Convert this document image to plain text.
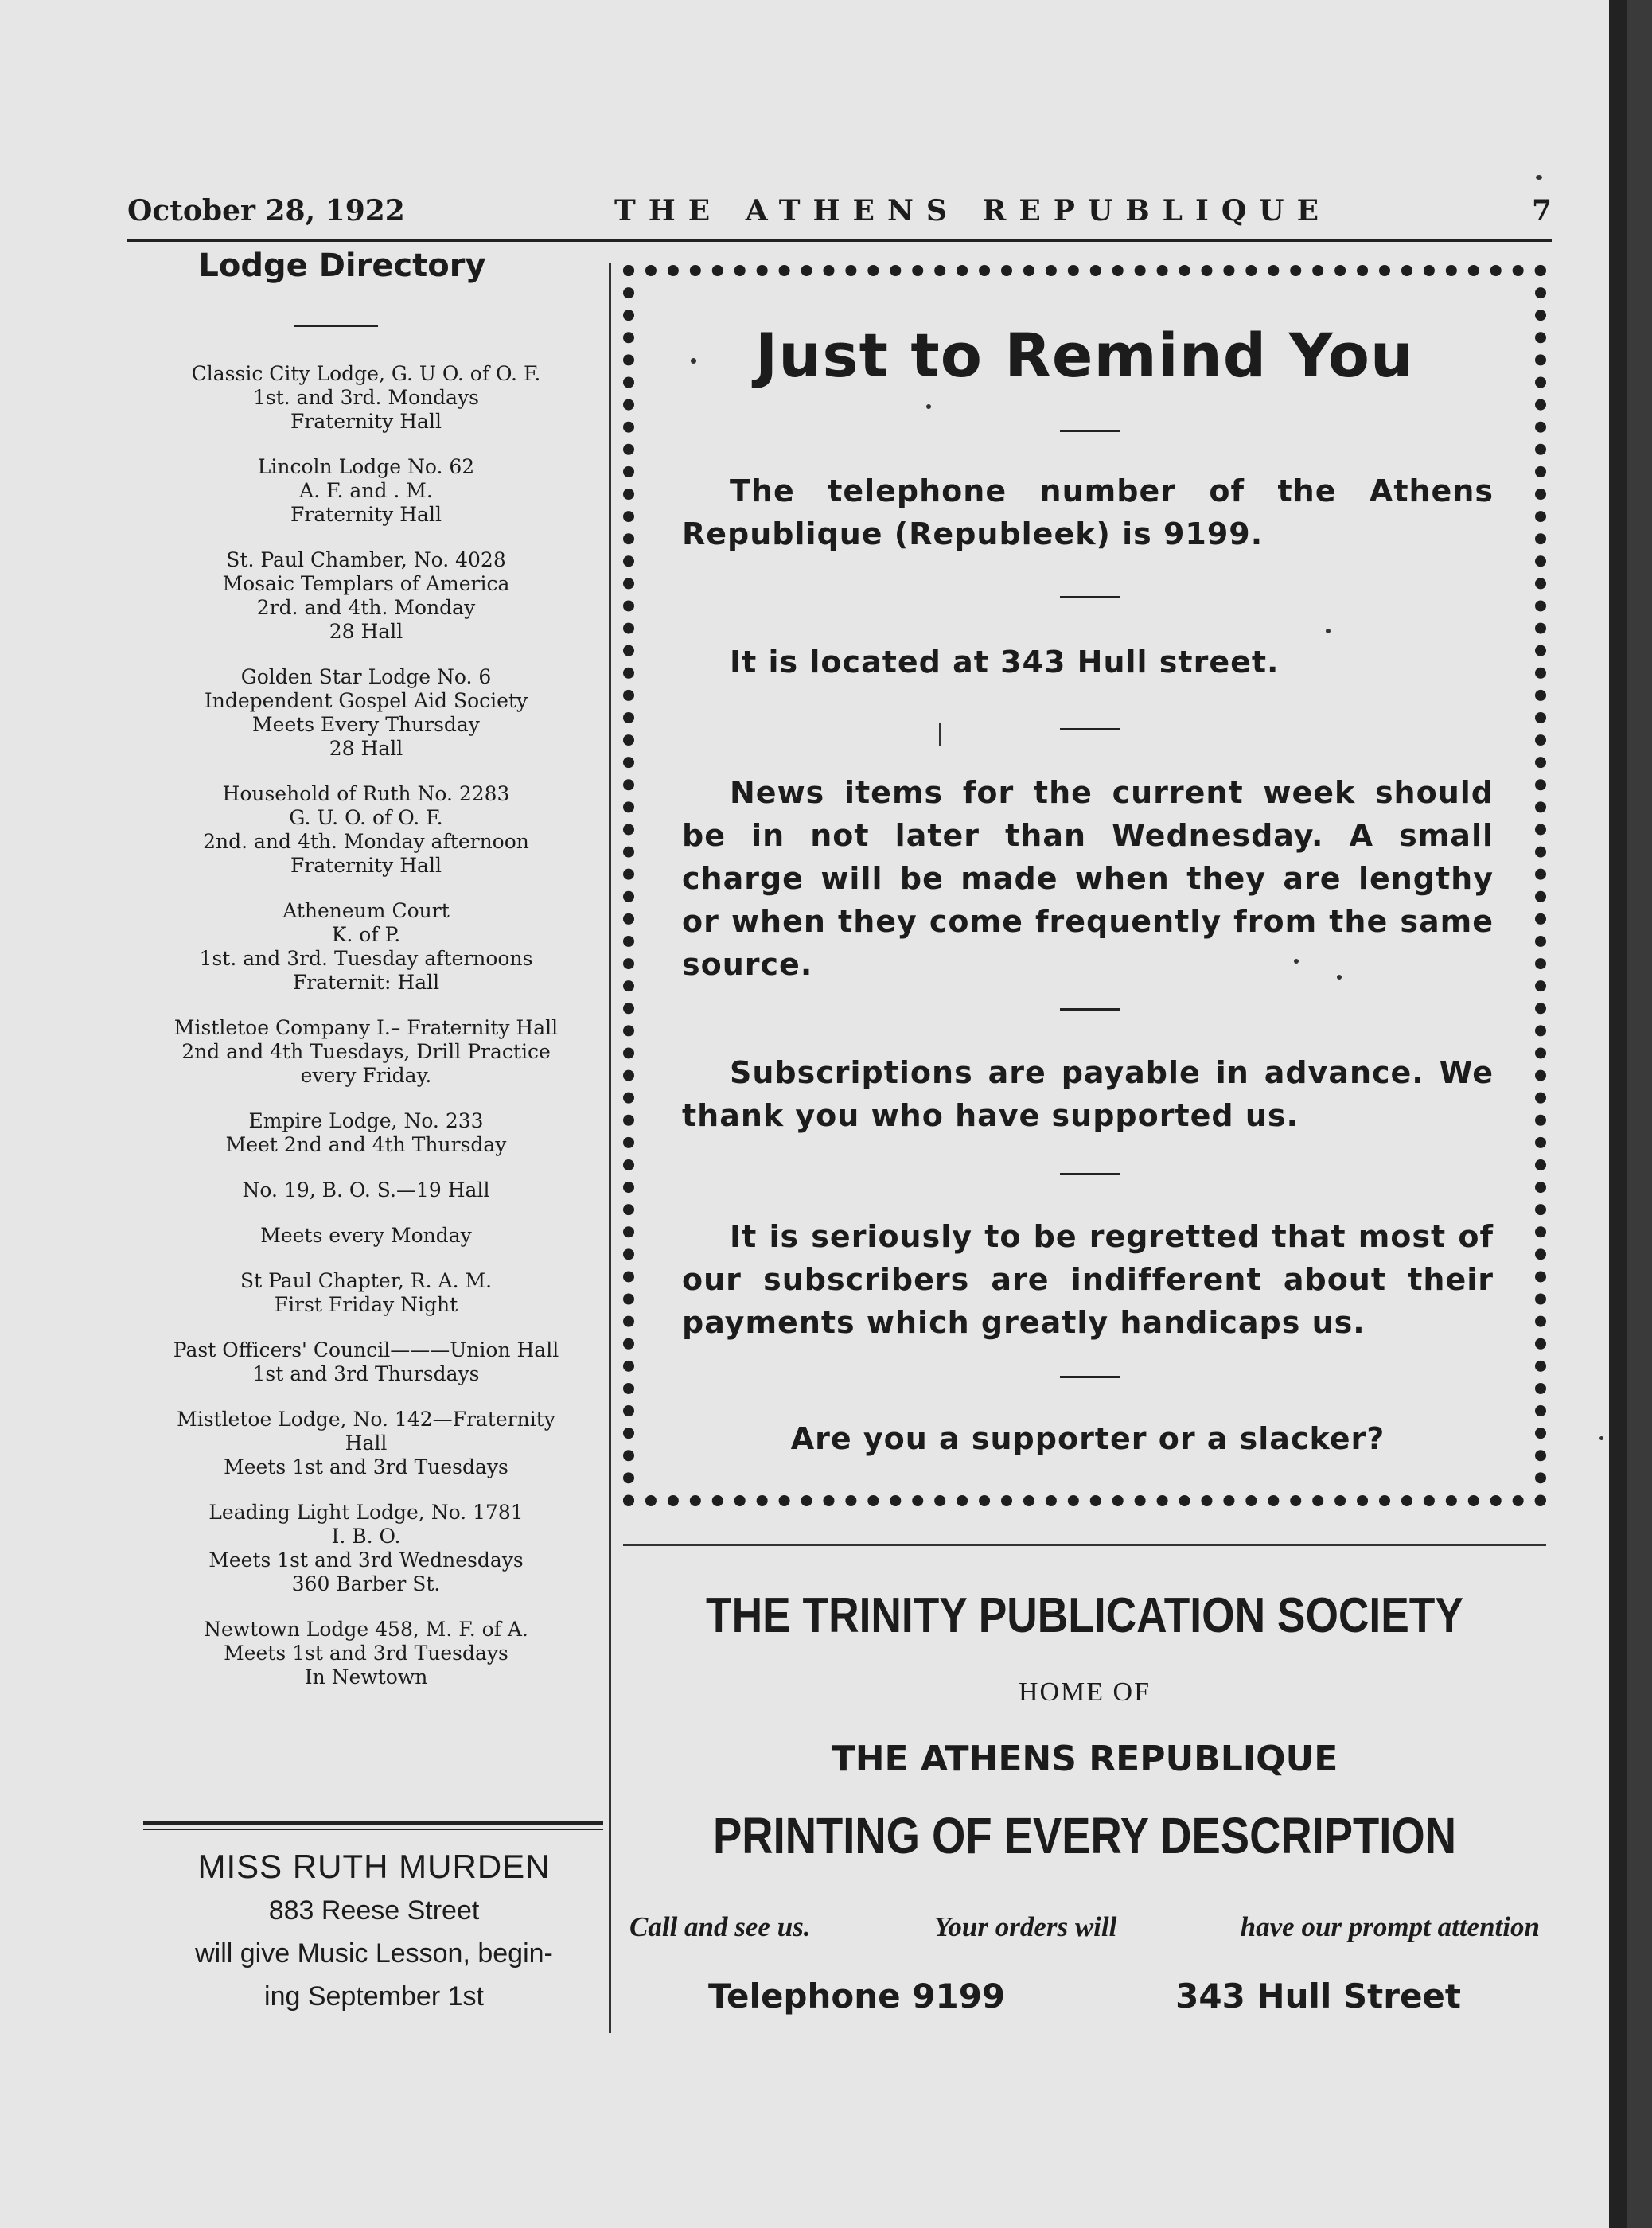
October 28, 1922	THE ATHENS REPUBLIQUE	7
Lodge Directory
Classic City Lodge, G. U O. of O. F.
1st. and 3rd. Mondays
Fraternity Hall
Lincoln Lodge No. 62
A. F. and . M.
Fraternity Hall
St. Paul Chamber, No. 4028
Mosaic Templars of America
2rd. and 4th. Monday
28 Hall
Golden Star Lodge No. 6
Independent Gospel Aid Society
Meets Every Thursday
28 Hall
Household of Ruth No. 2283
G. U. O. of O. F.
2nd. and 4th. Monday afternoon
Fraternity Hall
Atheneum Court
K. of P.
1st. and 3rd. Tuesday afternoons
Fraternit: Hall
Mistletoe Company I.– Fraternity Hall
2nd and 4th Tuesdays, Drill Practice
every Friday.
Empire Lodge, No. 233
Meet 2nd and 4th Thursday
No. 19, B. O. S.—19 Hall
Meets every Monday
St Paul Chapter, R. A. M.
First Friday Night
Past Officers' Council———Union Hall
1st and 3rd Thursdays
Mistletoe Lodge, No. 142—Fraternity
Hall
Meets 1st and 3rd Tuesdays
Leading Light Lodge, No. 1781
I. B. O.
Meets 1st and 3rd Wednesdays
360 Barber St.
Newtown Lodge 458, M. F. of A.
Meets 1st and 3rd Tuesdays
In Newtown
MISS RUTH MURDEN
883 Reese Street
will give Music Lesson, begin-
ing September 1st
Just to Remind You
The telephone number of the Athens Republique (Republeek) is 9199.
It is located at 343 Hull street.
News items for the current week should be in not later than Wednesday. A small charge will be made when they are lengthy or when they come frequently from the same source.
Subscriptions are payable in advance. We thank you who have supported us.
It is seriously to be regretted that most of our subscribers are indifferent about their payments which greatly handicaps us.
Are you a supporter or a slacker?
THE TRINITY PUBLICATION SOCIETY
HOME OF
THE ATHENS REPUBLIQUE
PRINTING OF EVERY DESCRIPTION
Call and see us.	Your orders will	have our prompt attention
Telephone 9199	343 Hull Street
